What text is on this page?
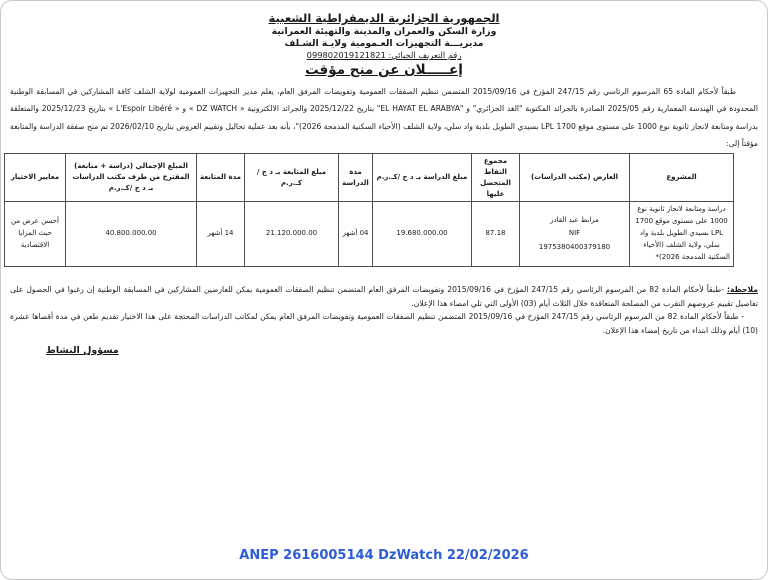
الجمهورية الجزائرية الديمقراطية الشعبية
وزارة السكن والعمران والمدينة والتهيئة العمرانية
مديريـــة التجهيزات العـمومية ولايـة الشـلف
رقم التعريف الجبائي: 099802019121821
إعـــــلان عن منح مؤقت

طبقاً لأحكام المادة 65 المرسوم الرئاسي رقم 247/15 المؤرخ في 2015/09/16 المتضمن تنظيم الصفقات العمومية وتفويضات المرفق العام، يعلم مدير التجهيزات العمومية لولاية الشلف كافة المشاركين في المسابقة الوطنية المحدودة في الهندسة المعمارية رقم 2025/05 الصادرة بالجرائد المكتوبة "الغد الجزائري" و "EL HAYAT EL ARABYA" بتاريخ 2025/12/22 والجرائد الالكترونية « DZ WATCH » و « L'Espoir Libéré » بتاريخ 2025/12/23 والمتعلقة بدراسة ومتابعة لانجاز ثانوية نوع 1000 على مستوى موقع 1700 LPL بسيدي الطويل بلدية واد سلي، ولاية الشلف (الأحياء السكنية المدمجة 2026)"، بأنه بعد عملية تحاليل وتقييم العروض بتاريخ 2026/02/10 تم منح صفقة الدراسة والمتابعة مؤقتاً إلى:

المشروع	العارض (مكتب الدراسات)	مجموع النقاط المتحصل عليها	مبلغ الدراسة بـ د ج /كـ.ر.م	مدة الدراسة	مبلغ المتابعة بـ د ج /كـ.ر.م	مدة المتابعة	المبلغ الإجمالي (دراسة + متابعة) المقترح من طرف مكتب الدراسات بـ د ج /كـ.ر.م	معايير الاختيار
دراسة ومتابعة لانجاز ثانوية نوع 1000 على مستوى موقع 1700 LPL بسيدي الطويل بلدية واد سلي، ولاية الشلف (الأحياء السكنية المدمجة 2026)*	مرابط عبد القادر
NIF
1975380400379180	87.18	19.680.000.00	04 أشهر	21.120.000.00	14 أشهر	40.800.000.00	أحسن عرض من حيث المزايا الاقتصادية

ملاحظة: -طبقاً لأحكام المادة 82 من المرسوم الرئاسي رقم 247/15 المؤرخ في 2015/09/16 وتفويضات المرفق العام المتضمن تنظيم الصفقات العمومية يمكن للعارضين المشاركين في المسابقة الوطنية إن رغبوا في الحصول على تفاصيل تقييم عروضهم التقرب من المصلحة المتعاقدة خلال الثلاث أيام (03) الأولى التي تلي امضاء هذا الإعلان.

- طبقاً لأحكام المادة 82 من المرسوم الرئاسي رقم 247/15 المؤرخ في 2015/09/16 المتضمن تنظيم الصفقات العمومية وتفويضات المرفق العام يمكن لمكاتب الدراسات المحتجة على هذا الاختيار تقديم طعن في مدة أقصاها عشرة (10) أيام وذلك ابتداء من تاريخ إمضاء هذا الإعلان.

مسؤول النشاط
ANEP 2616005144 DzWatch 22/02/2026
